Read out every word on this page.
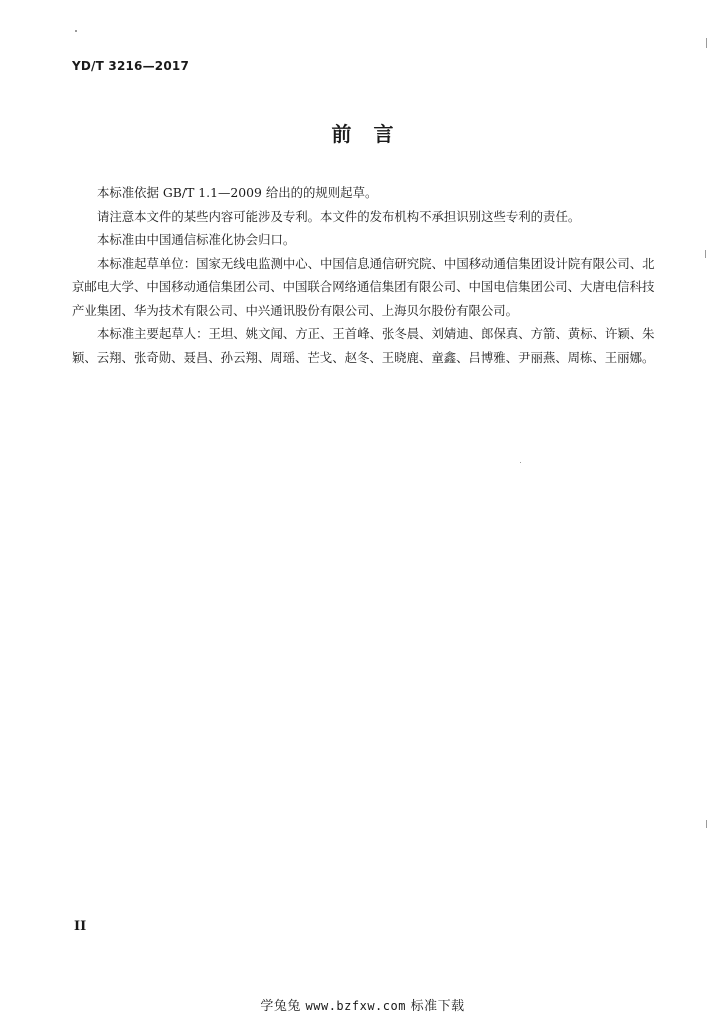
YD/T 3216—2017
前言

本标准依据 GB/T 1.1—2009 给出的的规则起草。

请注意本文件的某些内容可能涉及专利。本文件的发布机构不承担识别这些专利的责任。

本标准由中国通信标准化协会归口。

本标准起草单位：国家无线电监测中心、中国信息通信研究院、中国移动通信集团设计院有限公司、北京邮电大学、中国移动通信集团公司、中国联合网络通信集团有限公司、中国电信集团公司、大唐电信科技产业集团、华为技术有限公司、中兴通讯股份有限公司、上海贝尔股份有限公司。

本标准主要起草人：王坦、姚文闻、方正、王首峰、张冬晨、刘婧迪、郎保真、方箭、黄标、许颖、朱颖、云翔、张奇勋、聂昌、孙云翔、周瑶、芒戈、赵冬、王晓鹿、童鑫、吕博雅、尹丽燕、周栋、王丽娜。

II
学兔兔 www.bzfxw.com 标准下载
